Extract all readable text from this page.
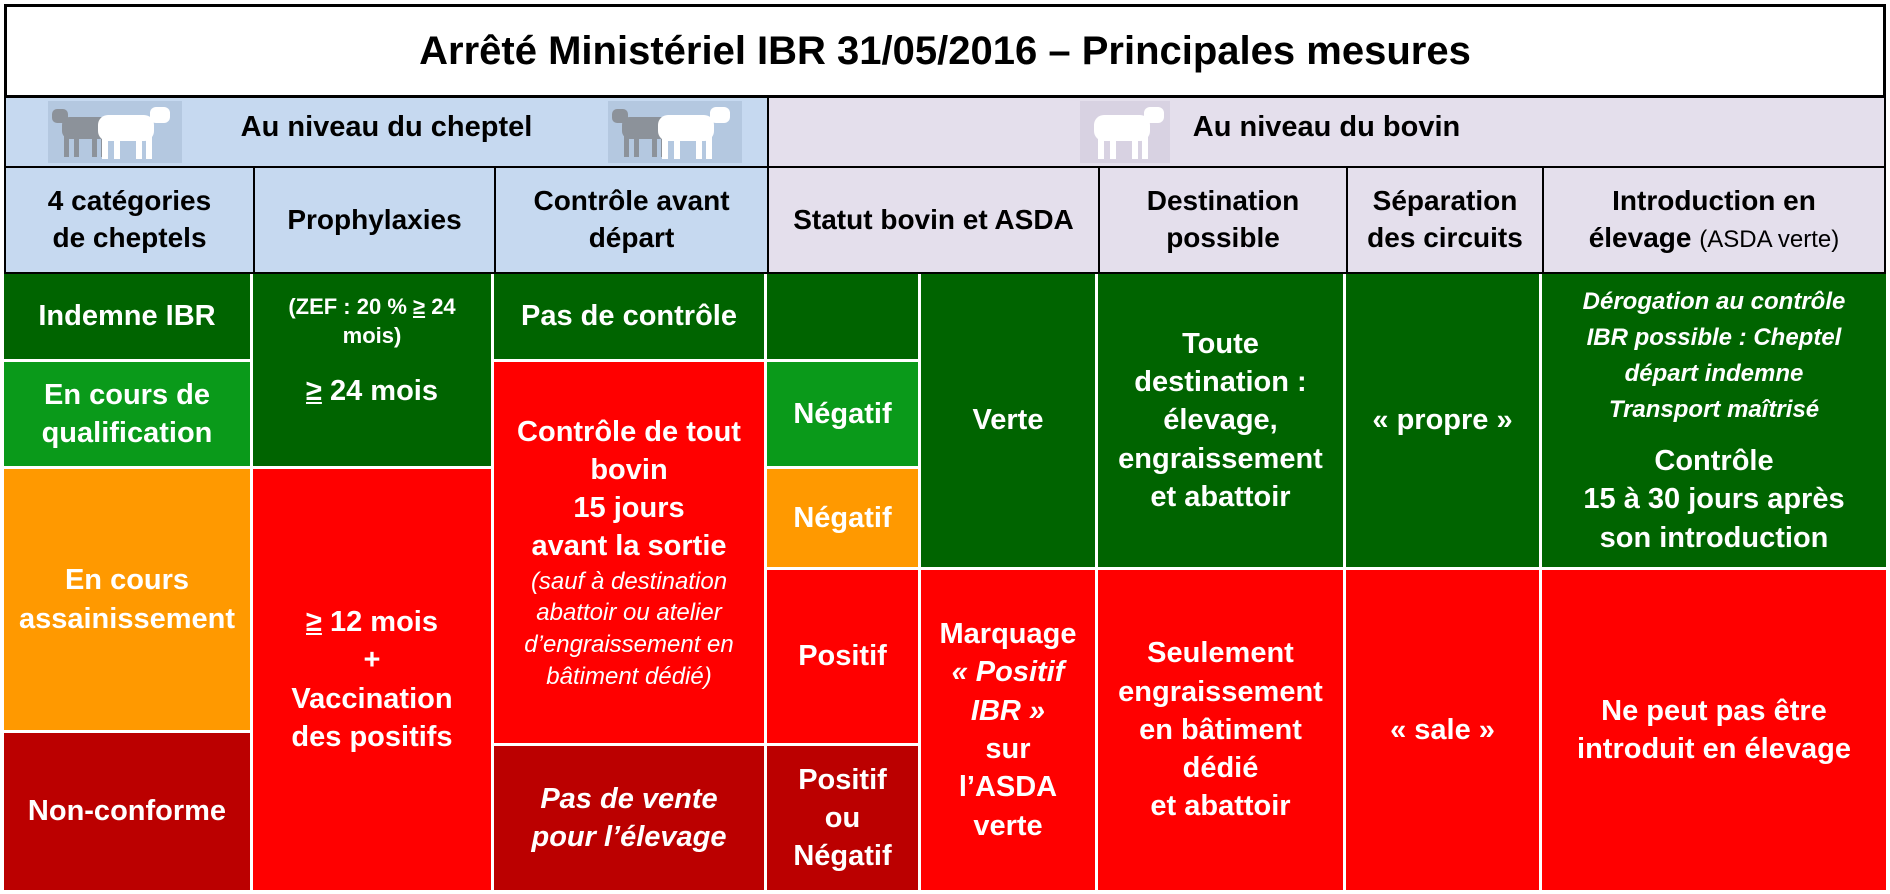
Arrêté Ministériel IBR 31/05/2016 – Principales mesures
Au niveau du cheptel	Au niveau du bovin
4 catégories
de cheptels
Prophylaxies
Contrôle avant
départ
Statut bovin et ASDA
Destination
possible
Séparation
des circuits
Introduction en
élevage (ASDA verte)
Indemne IBR
En cours de
qualification
En cours
assainissement
Non-conforme
(ZEF : 20 % ≥ 24
mois)
≥ 24 mois
≥ 12 mois
+
Vaccination
des positifs
Pas de contrôle
Contrôle de tout
bovin
15 jours
avant la sortie
(sauf à destination
abattoir ou atelier
d’engraissement en
bâtiment dédié)
Pas de vente
pour l’élevage
Négatif
Négatif
Positif
Positif
ou
Négatif
Verte
Marquage
« Positif
IBR »
sur
l’ASDA
verte
Toute
destination :
élevage,
engraissement
et abattoir
Seulement
engraissement
en bâtiment
dédié
et abattoir
« propre »
« sale »
Dérogation au contrôle
IBR possible : Cheptel
départ indemne
Transport maîtrisé
Contrôle
15 à 30 jours après
son introduction
Ne peut pas être
introduit en élevage
